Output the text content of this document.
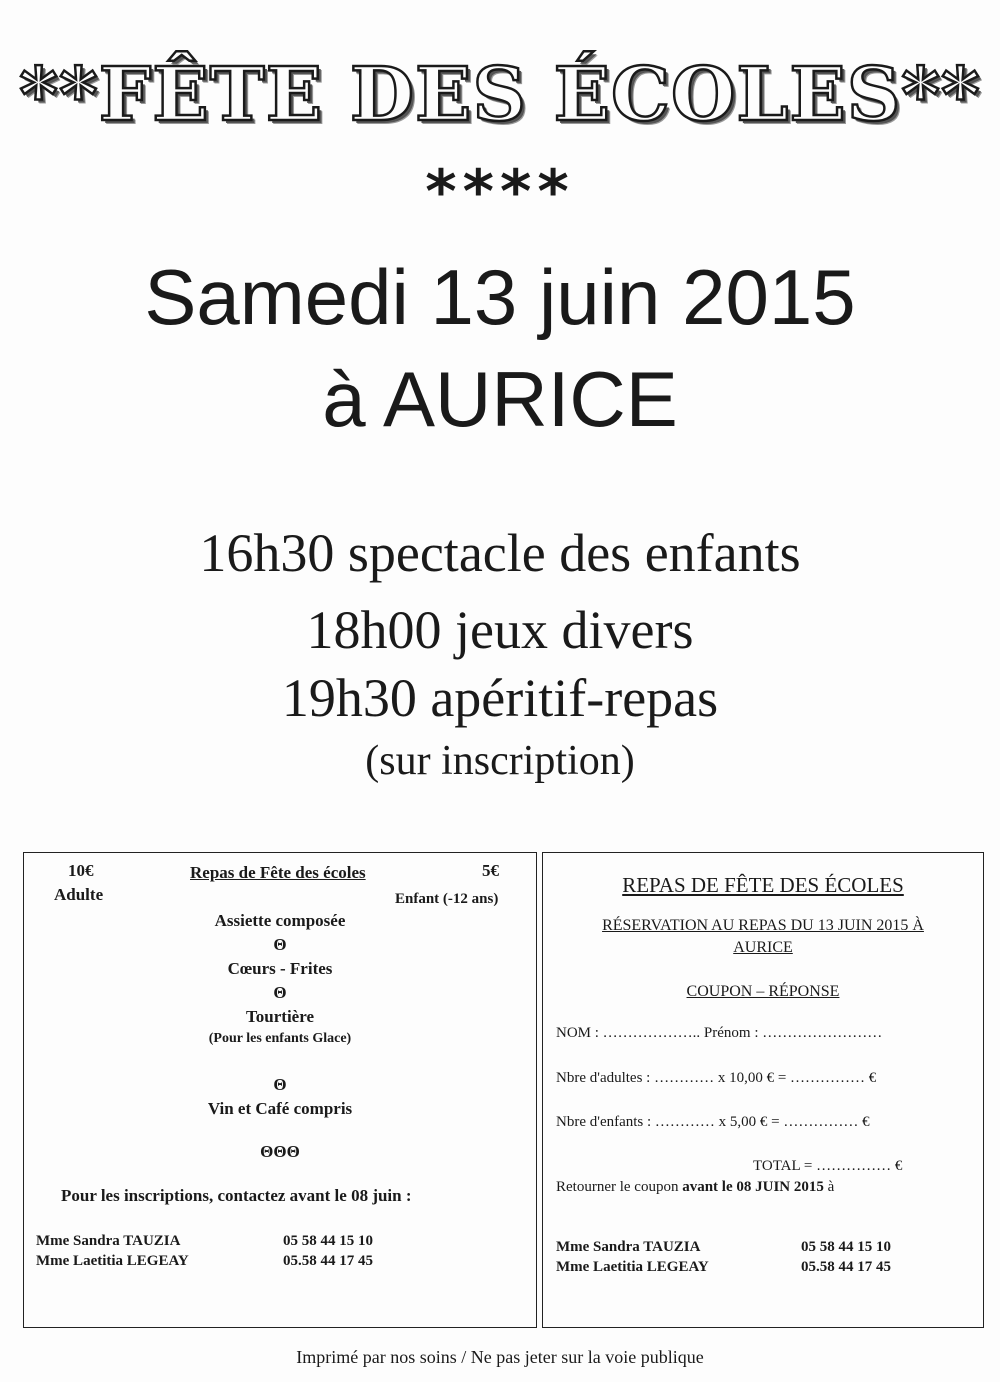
**FÊTE DES ÉCOLES**
****
Samedi 13 juin 2015
à AURICE
16h30 spectacle des enfants
18h00 jeux divers
19h30 apéritif-repas
(sur inscription)
10€
Adulte
Repas de Fête des écoles	5€
Enfant (-12 ans)
Assiette composée
Θ
Cœurs - Frites
Θ
Tourtière
(Pour les enfants Glace)
Θ
Vin et Café compris
ΘΘΘ
Pour les inscriptions, contactez avant le 08 juin :
Mme Sandra TAUZIA	05 58 44 15 10
Mme Laetitia LEGEAY	05.58 44 17 45
REPAS DE FÊTE DES ÉCOLES
RÉSERVATION AU REPAS DU 13 JUIN 2015 À
AURICE
COUPON – RÉPONSE
NOM : ……………….. Prénom : ……………………
Nbre d'adultes : ………… x 10,00 € = …………… €
Nbre d'enfants : ………… x 5,00 € = …………… €
TOTAL = …………… €
Retourner le coupon avant le 08 JUIN 2015 à
Mme Sandra TAUZIA	05 58 44 15 10
Mme Laetitia LEGEAY	05.58 44 17 45
Imprimé par nos soins / Ne pas jeter sur la voie publique
